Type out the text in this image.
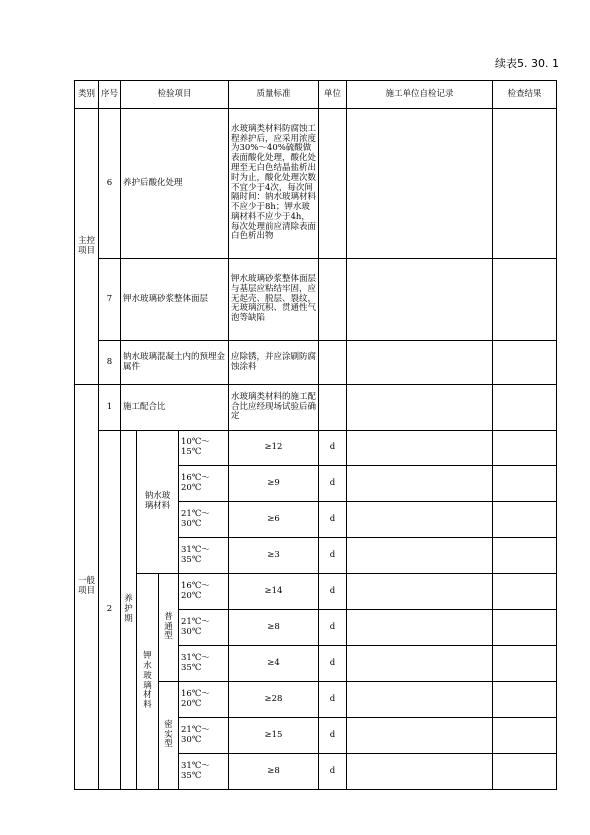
续表5. 30. 1
类别	序号	检验项目				质量标准	单位	施工单位自检记录	检查结果
主控项目	6	养护后酸化处理				水玻璃类材料防腐蚀工程养护后，应采用浓度为30%～40%硫酸做表面酸化处理，酸化处理至无白色结晶盐析出时为止，酸化处理次数不宜少于4次，每次间隔时间：钠水玻璃材料不应少于8h；钾水玻璃材料不应少于4h，每次处理前应清除表面白色析出物			
	7	钾水玻璃砂浆整体面层				钾水玻璃砂浆整体面层与基层应粘结牢固，应无起壳、脱层、裂纹，无玻璃沉积、贯通性气泡等缺陷			
	8	钠水玻璃混凝土内的预埋金属件				应除锈，并应涂刷防腐蚀涂料			
一般项目	1	施工配合比				水玻璃类材料的施工配合比应经现场试验后确定			
	2	养护期	钠水玻璃材料		10℃～15℃	≥12	d		
					16℃～20℃	≥9	d		
					21℃～30℃	≥6	d		
					31℃～35℃	≥3	d		
			钾水玻璃材料	普通型	16℃～20℃	≥14	d		
					21℃～30℃	≥8	d		
					31℃～35℃	≥4	d		
				密实型	16℃～20℃	≥28	d		
					21℃～30℃	≥15	d		
					31℃～35℃	≥8	d		
